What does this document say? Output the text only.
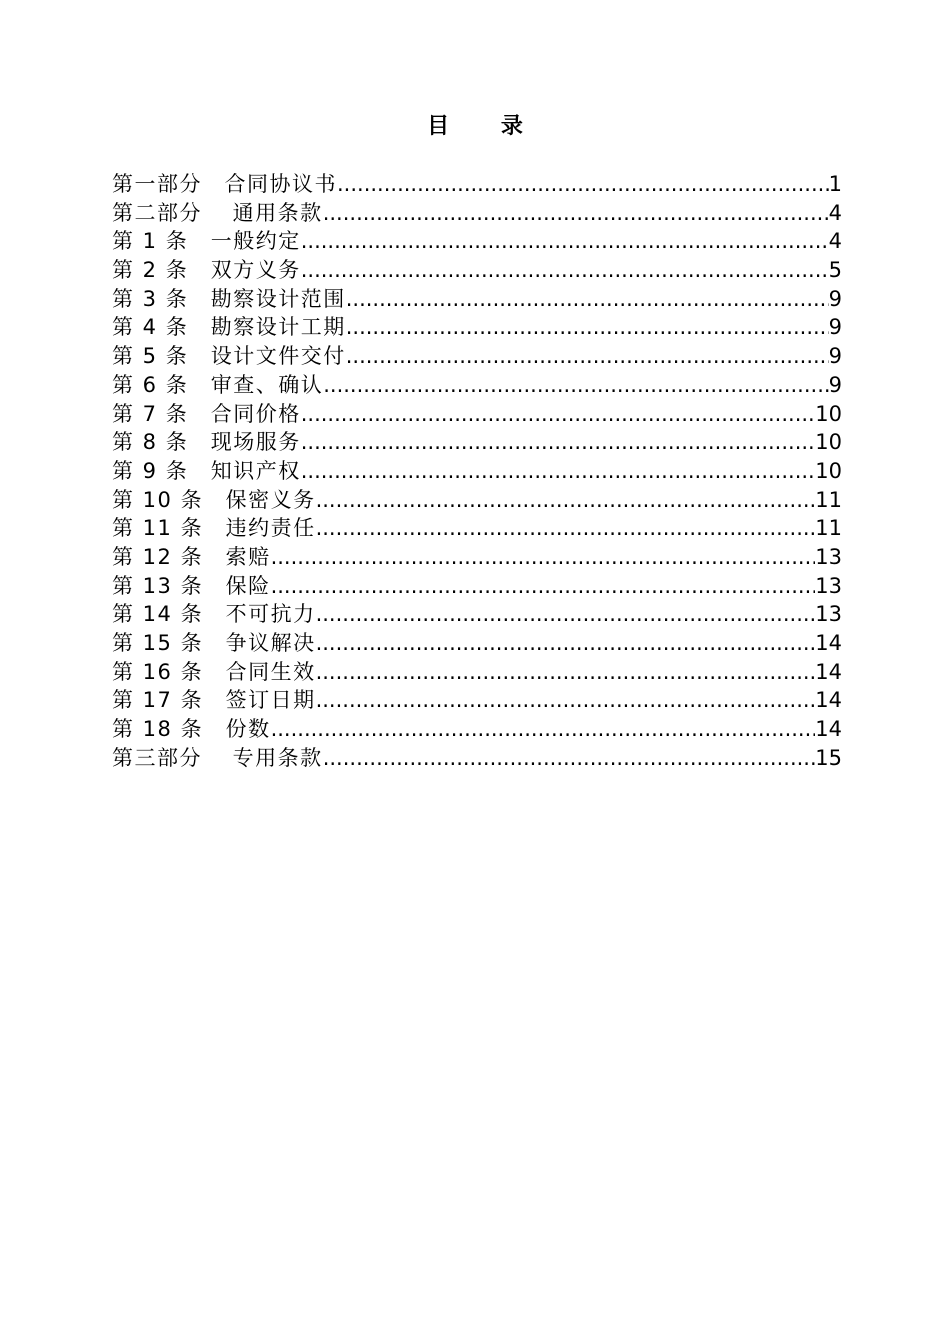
目 录
第一部分　合同协议书 .....	1
第二部分　 通用条款 .....	4
第 1 条　一般约定 .....	4
第 2 条　双方义务 .....	5
第 3 条　勘察设计范围 .....	9
第 4 条　勘察设计工期 .....	9
第 5 条　设计文件交付 .....	9
第 6 条　审查、确认 .....	9
第 7 条　合同价格 .....	10
第 8 条　现场服务 .....	10
第 9 条　知识产权 .....	10
第 10 条　保密义务 .....	11
第 11 条　违约责任 .....	11
第 12 条　索赔 .....	13
第 13 条　保险 .....	13
第 14 条　不可抗力 .....	13
第 15 条　争议解决 .....	14
第 16 条　合同生效 .....	14
第 17 条　签订日期 .....	14
第 18 条　份数 .....	14
第三部分　 专用条款 .....	15
